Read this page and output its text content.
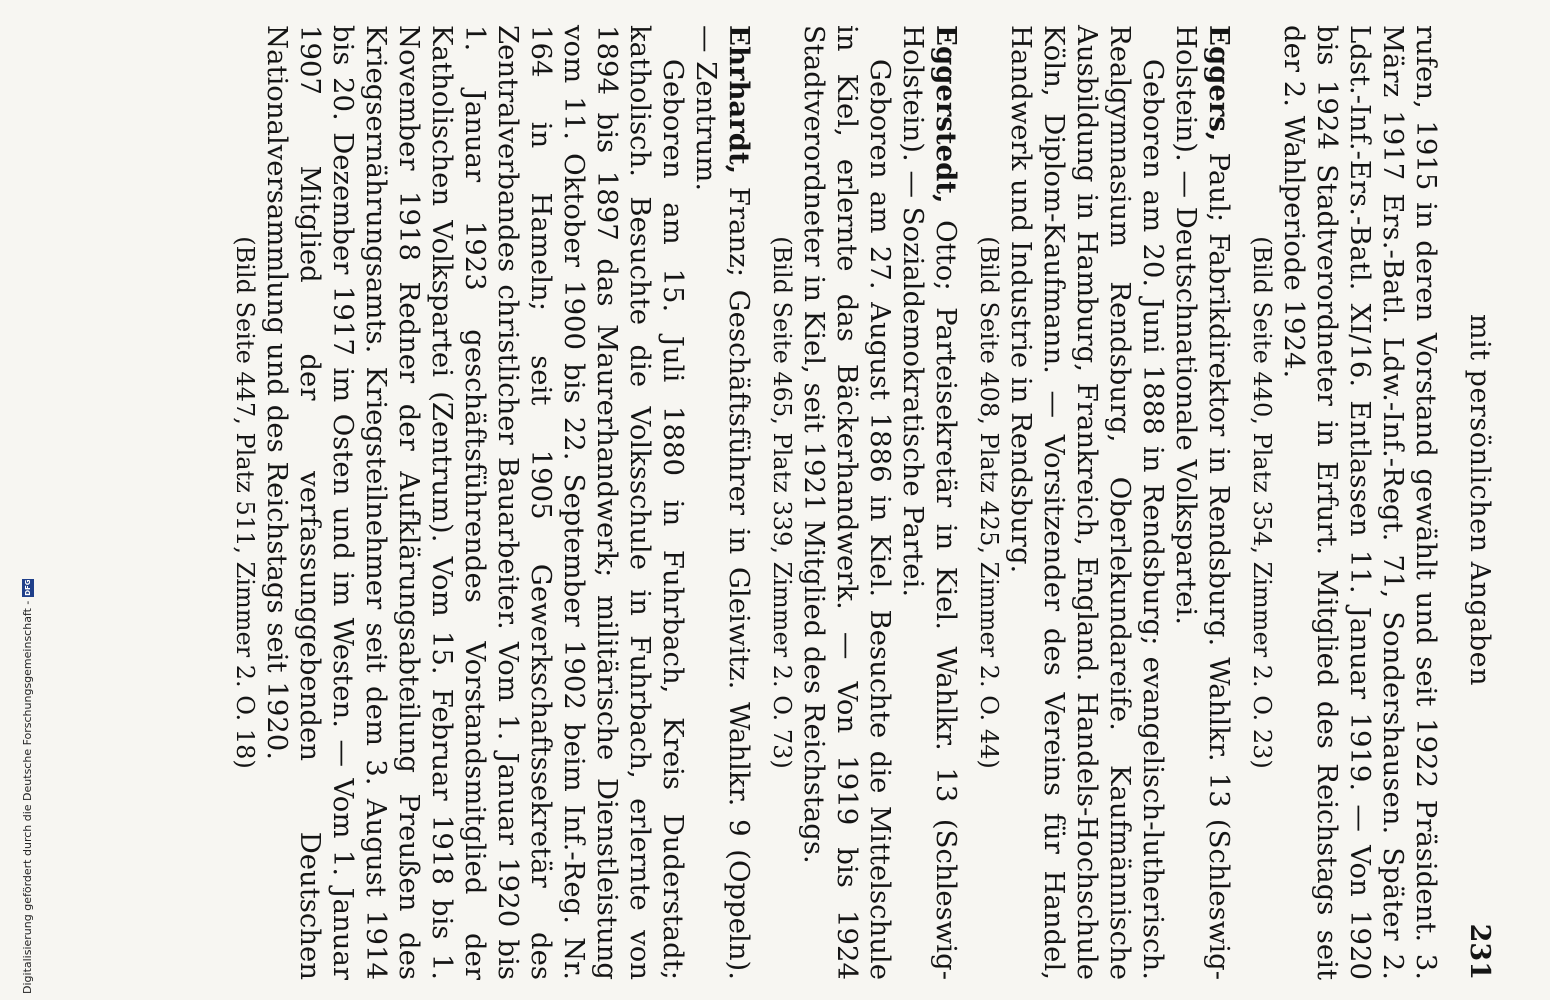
mit persönlichen Angaben
231

rufen, 1915 in deren Vorstand gewählt und seit 1922 Präsident. 3. März 1917 Ers.-Batl. Ldw.-Inf.-Regt. 71, Sondershausen. Später 2. Ldst.-Inf.-Ers.-Batl. XI/16. Entlassen 11. Januar 1919. — Von 1920 bis 1924 Stadtverordneter in Erfurt. Mitglied des Reichstags seit der 2. Wahlperiode 1924.

(Bild Seite 440, Platz 354, Zimmer 2. O. 23)

Eggers, Paul; Fabrikdirektor in Rendsburg. Wahlkr. 13 (Schleswig-Holstein). — Deutschnationale Volkspartei.

Geboren am 20. Juni 1888 in Rendsburg; evangelisch-lutherisch. Realgymnasium Rendsburg, Oberlekundareife. Kaufmännische Ausbildung in Hamburg, Frankreich, England. Handels-Hochschule Köln, Diplom-Kaufmann. — Vorsitzender des Vereins für Handel, Handwerk und Industrie in Rendsburg.

(Bild Seite 408, Platz 425, Zimmer 2. O. 44)

Eggerstedt, Otto; Parteisekretär in Kiel. Wahlkr. 13 (Schleswig-Holstein). — Sozialdemokratische Partei.

Geboren am 27. August 1886 in Kiel. Besuchte die Mittelschule in Kiel, erlernte das Bäckerhandwerk. — Von 1919 bis 1924 Stadtverordneter in Kiel, seit 1921 Mitglied des Reichstags.

(Bild Seite 465, Platz 339, Zimmer 2. O. 73)

Ehrhardt, Franz; Geschäftsführer in Gleiwitz. Wahlkr. 9 (Oppeln). — Zentrum.

Geboren am 15. Juli 1880 in Fuhrbach, Kreis Duderstadt; katholisch. Besuchte die Volksschule in Fuhrbach, erlernte von 1894 bis 1897 das Maurerhandwerk; militärische Dienstleistung vom 11. Oktober 1900 bis 22. September 1902 beim Inf.-Reg. Nr. 164 in Hameln; seit 1905 Gewerkschaftssekretär des Zentralverbandes christlicher Bauarbeiter. Vom 1. Januar 1920 bis 1. Januar 1923 geschäftsführendes Vorstandsmitglied der Katholischen Volkspartei (Zentrum). Vom 15. Februar 1918 bis 1. November 1918 Redner der Aufklärungsabteilung Preußen des Kriegsernährungsamts. Kriegsteilnehmer seit dem 3. August 1914 bis 20. Dezember 1917 im Osten und im Westen. — Vom 1. Januar 1907 Mitglied der verfassunggebenden Deutschen Nationalversammlung und des Reichstags seit 1920.

(Bild Seite 447, Platz 511, Zimmer 2. O. 18)

Digitalisierung gefördert durch die Deutsche Forschungsgemeinschaft -DFG
